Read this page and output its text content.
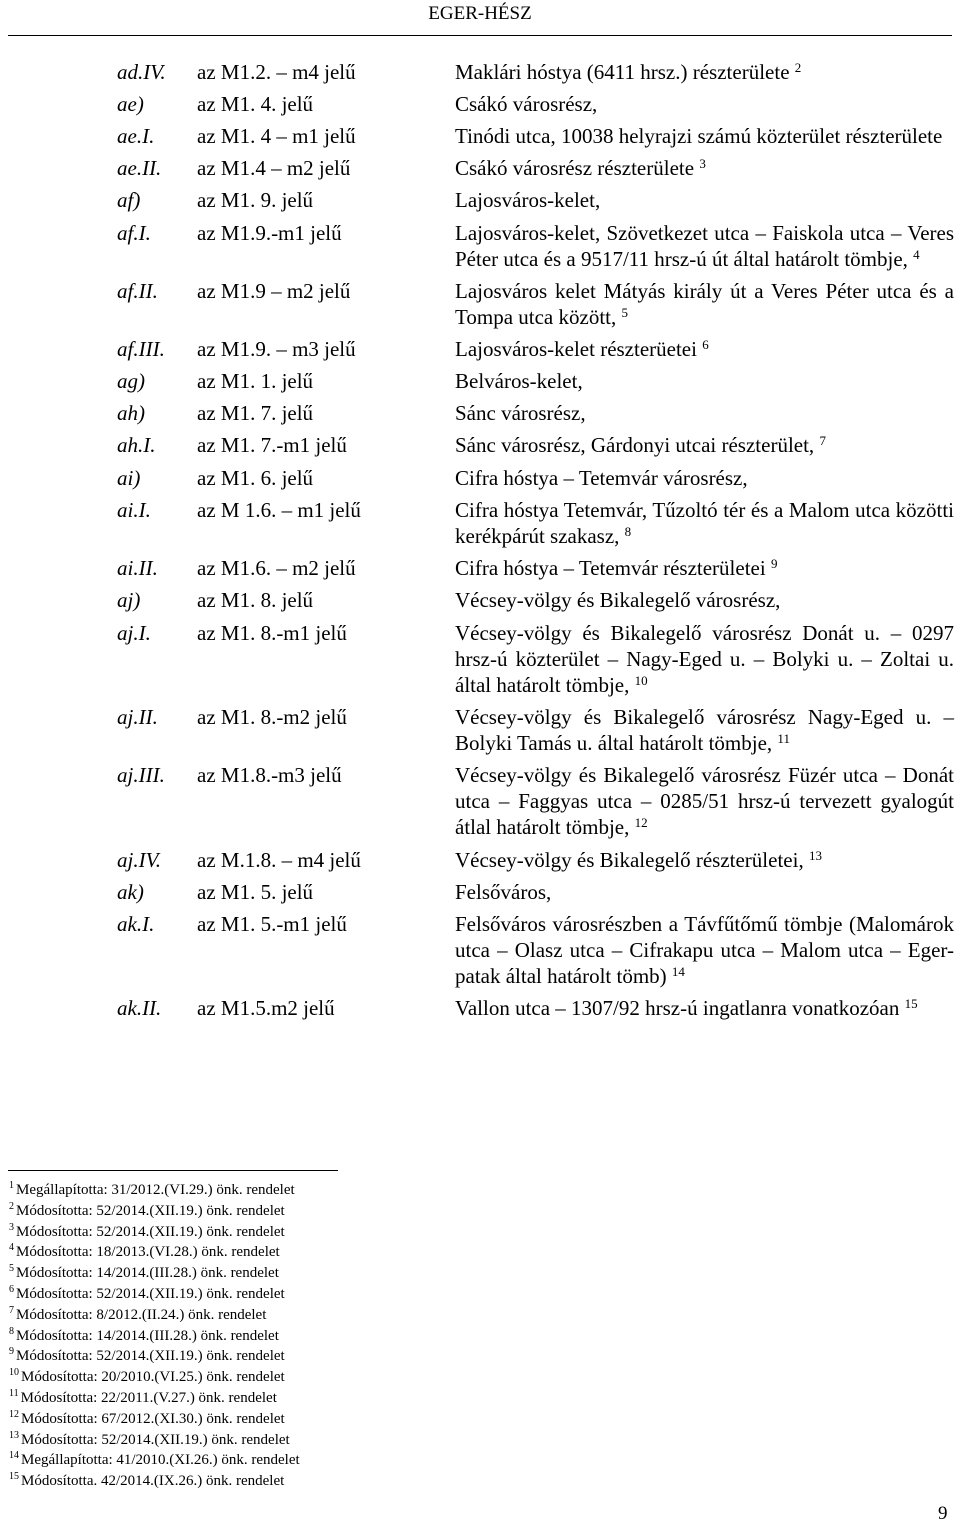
EGER-HÉSZ
ad.IV. az M1.2. – m4 jelű	Maklári hóstya (6411 hrsz.) részterülete $^2$
ae)	az M1. 4. jelű	Csákó városrész,
ae.I. az M1. 4 – m1 jelű	Tinódi utca, 10038 helyrajzi számú közterület részterülete
ae.II. az M1.4 – m2 jelű	Csákó városrész részterülete $^3$
af)	az M1. 9. jelű	Lajosváros-kelet,
af.I. az M1.9.-m1 jelű	Lajosváros-kelet, Szövetkezet utca – Faiskola utca – Veres Péter utca és a 9517/11 hrsz-ú út által határolt tömbje, $^4$
af.II. az M1.9 – m2 jelű	Lajosváros kelet Mátyás király út a Veres Péter utca és a Tompa utca között, $^5$
af.III. az M1.9. – m3 jelű	Lajosváros-kelet részterüetei $^6$
ag) az M1. 1. jelű	Belváros-kelet,
ah) az M1. 7. jelű	Sánc városrész,
ah.I. az M1. 7.-m1 jelű	Sánc városrész, Gárdonyi utcai részterület, $^7$
ai)	az M1. 6. jelű	Cifra hóstya – Tetemvár városrész,
ai.I. az M 1.6. – m1 jelű	Cifra hóstya Tetemvár, Tűzoltó tér és a Malom utca közötti kerékpárút szakasz, $^8$
ai.II. az M1.6. – m2 jelű	Cifra hóstya – Tetemvár részterületei $^9$
aj)	az M1. 8. jelű	Vécsey-völgy és Bikalegelő városrész,
aj.I. az M1. 8.-m1 jelű	Vécsey-völgy és Bikalegelő városrész Donát u. – 0297 hrsz-ú közterület – Nagy-Eged u. – Bolyki u. – Zoltai u. által határolt tömbje, $^{10}$
aj.II. az M1. 8.-m2 jelű	Vécsey-völgy és Bikalegelő városrész Nagy-Eged u. – Bolyki Tamás u. által határolt tömbje, $^{11}$
aj.III. az M1.8.-m3 jelű	Vécsey-völgy és Bikalegelő városrész Füzér utca – Donát utca – Faggyas utca – 0285/51 hrsz-ú tervezett gyalogút átlal határolt tömbje, $^{12}$
aj.IV. az M.1.8. – m4 jelű	Vécsey-völgy és Bikalegelő részterületei, $^{13}$
ak)	az M1. 5. jelű	Felsőváros,
ak.I. az M1. 5.-m1 jelű	Felsőváros városrészben a Távfűtőmű tömbje (Malomárok utca – Olasz utca – Cifrakapu utca – Malom utca – Eger-patak által határolt tömb) $^{14}$
ak.II. az M1.5.m2 jelű	Vallon utca – 1307/92 hrsz-ú ingatlanra vonatkozóan $^{15}$
$^1$ Megállapította: 31/2012.(VI.29.) önk. rendelet
$^2$ Módosította: 52/2014.(XII.19.) önk. rendelet
$^3$ Módosította: 52/2014.(XII.19.) önk. rendelet
$^4$ Módosította: 18/2013.(VI.28.) önk. rendelet
$^5$ Módosította: 14/2014.(III.28.) önk. rendelet
$^6$ Módosította: 52/2014.(XII.19.) önk. rendelet
$^7$ Módosította: 8/2012.(II.24.) önk. rendelet
$^8$ Módosította: 14/2014.(III.28.) önk. rendelet
$^9$ Módosította: 52/2014.(XII.19.) önk. rendelet
$^{10}$ Módosította: 20/2010.(VI.25.) önk. rendelet
$^{11}$ Módosította: 22/2011.(V.27.) önk. rendelet
$^{12}$ Módosította: 67/2012.(XI.30.) önk. rendelet
$^{13}$ Módosította: 52/2014.(XII.19.) önk. rendelet
$^{14}$ Megállapította: 41/2010.(XI.26.) önk. rendelet
$^{15}$ Módosította. 42/2014.(IX.26.) önk. rendelet
9
